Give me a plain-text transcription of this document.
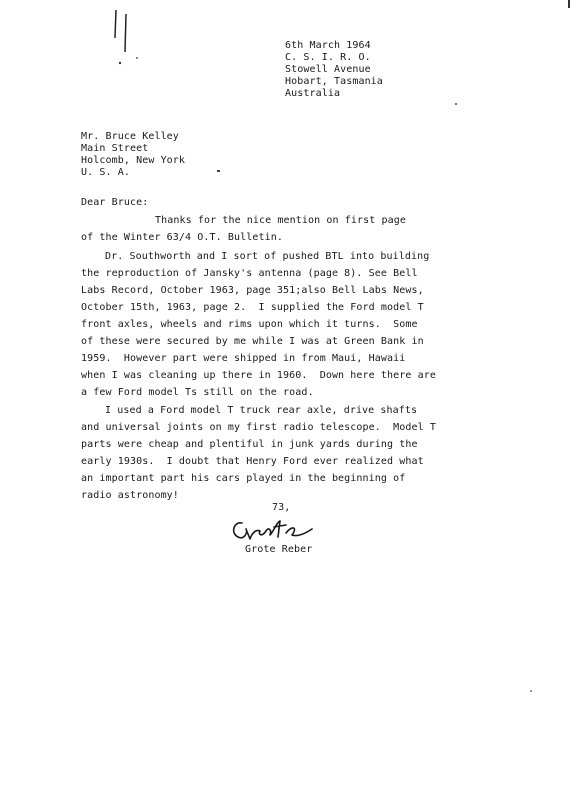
6th March 1964
C. S. I. R. O.
Stowell Avenue
Hobart, Tasmania
Australia
Mr. Bruce Kelley
Main Street
Holcomb, New York
U. S. A.
Dear Bruce:
Thanks for the nice mention on first page
of the Winter 63/4 O.T. Bulletin.
Dr. Southworth and I sort of pushed BTL into building
the reproduction of Jansky's antenna (page 8). See Bell
Labs Record, October 1963, page 351;also Bell Labs News,
October 15th, 1963, page 2.  I supplied the Ford model T
front axles, wheels and rims upon which it turns.  Some
of these were secured by me while I was at Green Bank in
1959.  However part were shipped in from Maui, Hawaii
when I was cleaning up there in 1960.  Down here there are
a few Ford model Ts still on the road.
I used a Ford model T truck rear axle, drive shafts
and universal joints on my first radio telescope.  Model T
parts were cheap and plentiful in junk yards during the
early 1930s.  I doubt that Henry Ford ever realized what
an important part his cars played in the beginning of
radio astronomy!
73,
Grote Reber
